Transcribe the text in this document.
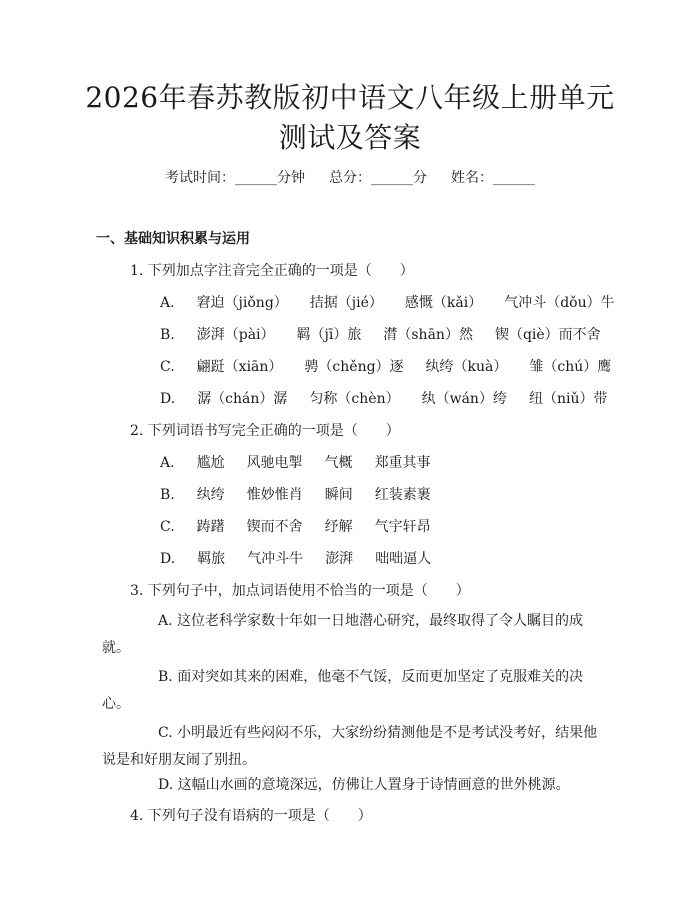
2026年春苏教版初中语文八年级上册单元测试及答案
考试时间：______分钟 总分：______分 姓名：______
一、基础知识积累与运用
1. 下列加点字注音完全正确的一项是（　　）
A. 窘迫（jiǒng） 拮据（jié） 感慨（kǎi） 气冲斗（dǒu）牛
B. 澎湃（pài） 羁（jī）旅 潸（shān）然 锲（qiè）而不舍
C. 翩跹（xiān） 骋（chěng）逐 纨绔（kuà） 雏（chú）鹰
D. 潺（chán）潺 匀称（chèn） 纨（wán）绔 纽（niǔ）带
2. 下列词语书写完全正确的一项是（　　）
A. 尴尬 风驰电掣 气概 郑重其事
B. 纨绔 惟妙惟肖 瞬间 红装素裹
C. 踌躇 锲而不舍 纾解 气宇轩昂
D. 羁旅 气冲斗牛 澎湃 咄咄逼人
3. 下列句子中，加点词语使用不恰当的一项是（　　）
A. 这位老科学家数十年如一日地潜心研究，最终取得了令人瞩目的成就。
B. 面对突如其来的困难，他毫不气馁，反而更加坚定了克服难关的决心。
C. 小明最近有些闷闷不乐，大家纷纷猜测他是不是考试没考好，结果他说是和好朋友闹了别扭。
D. 这幅山水画的意境深远，仿佛让人置身于诗情画意的世外桃源。
4. 下列句子没有语病的一项是（　　）
